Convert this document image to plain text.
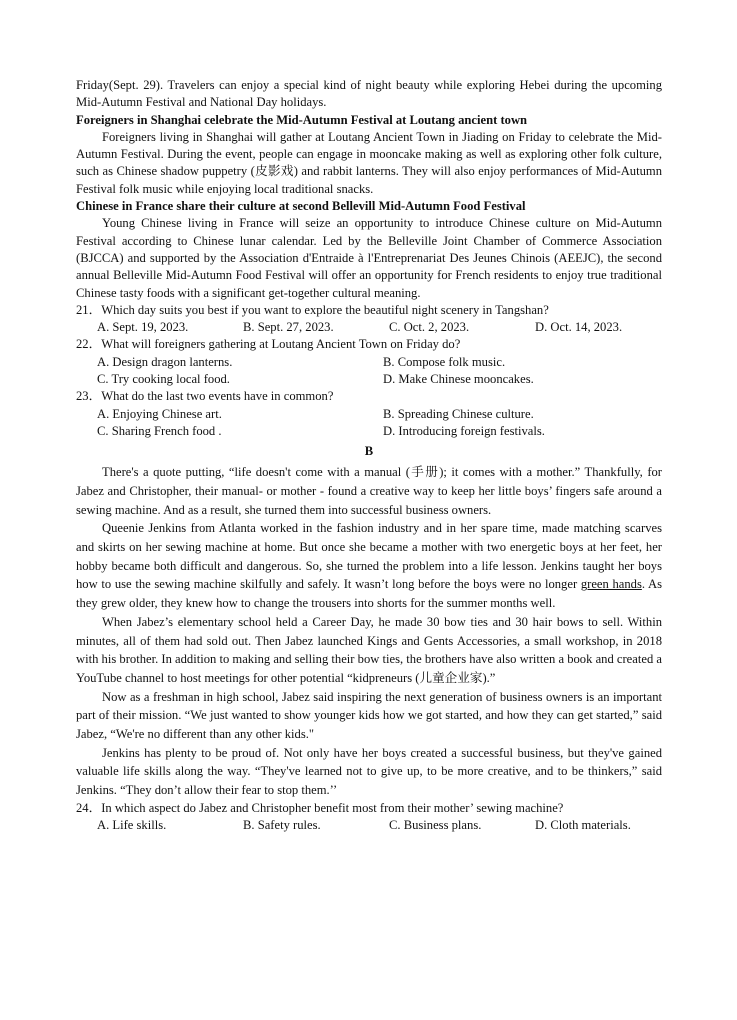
Friday(Sept. 29). Travelers can enjoy a special kind of night beauty while exploring Hebei during the upcoming Mid-Autumn Festival and National Day holidays.

Foreigners in Shanghai celebrate the Mid-Autumn Festival at Loutang ancient town

Foreigners living in Shanghai will gather at Loutang Ancient Town in Jiading on Friday to celebrate the Mid-Autumn Festival. During the event, people can engage in mooncake making as well as exploring other folk culture, such as Chinese shadow puppetry (皮影戏) and rabbit lanterns. They will also enjoy performances of Mid-Autumn Festival folk music while enjoying local traditional snacks.

Chinese in France share their culture at second Bellevill Mid-Autumn Food Festival

Young Chinese living in France will seize an opportunity to introduce Chinese culture on Mid-Autumn Festival according to Chinese lunar calendar. Led by the Belleville Joint Chamber of Commerce Association (BJCCA) and supported by the Association d'Entraide à l'Entreprenariat Des Jeunes Chinois (AEEJC), the second annual Belleville Mid-Autumn Food Festival will offer an opportunity for French residents to enjoy true traditional Chinese tasty foods with a significant get-together cultural meaning.

21．Which day suits you best if you want to explore the beautiful night scenery in Tangshan?

A. Sept. 19, 2023.	B. Sept. 27, 2023.	C. Oct. 2, 2023.	D. Oct. 14, 2023.

22．What will foreigners gathering at Loutang Ancient Town on Friday do?

A. Design dragon lanterns.	B. Compose folk music.
C. Try cooking local food.	D. Make Chinese mooncakes.

23．What do the last two events have in common?

A. Enjoying Chinese art.	B. Spreading Chinese culture.
C. Sharing French food .	D. Introducing foreign festivals.

B

There's a quote putting, “life doesn't come with a manual (手册); it comes with a mother.” Thankfully, for Jabez and Christopher, their manual- or mother - found a creative way to keep her little boys’ fingers safe around a sewing machine. And as a result, she turned them into successful business owners.

Queenie Jenkins from Atlanta worked in the fashion industry and in her spare time, made matching scarves and skirts on her sewing machine at home. But once she became a mother with two energetic boys at her feet, her hobby became both difficult and dangerous. So, she turned the problem into a life lesson. Jenkins taught her boys how to use the sewing machine skilfully and safely. It wasn’t long before the boys were no longer green hands. As they grew older, they knew how to change the trousers into shorts for the summer months well.

When Jabez’s elementary school held a Career Day, he made 30 bow ties and 30 hair bows to sell. Within minutes, all of them had sold out. Then Jabez launched Kings and Gents Accessories, a small workshop, in 2018 with his brother. In addition to making and selling their bow ties, the brothers have also written a book and created a YouTube channel to host meetings for other potential “kidpreneurs (儿童企业家).”

Now as a freshman in high school, Jabez said inspiring the next generation of business owners is an important part of their mission. “We just wanted to show younger kids how we got started, and how they can get started,” said Jabez, “We're no different than any other kids."

Jenkins has plenty to be proud of. Not only have her boys created a successful business, but they've gained valuable life skills along the way. “They've learned not to give up, to be more creative, and to be thinkers,” said Jenkins. “They don’t allow their fear to stop them.’’

24．In which aspect do Jabez and Christopher benefit most from their mother’ sewing machine?

A. Life skills.	B. Safety rules.	C. Business plans.	D. Cloth materials.
